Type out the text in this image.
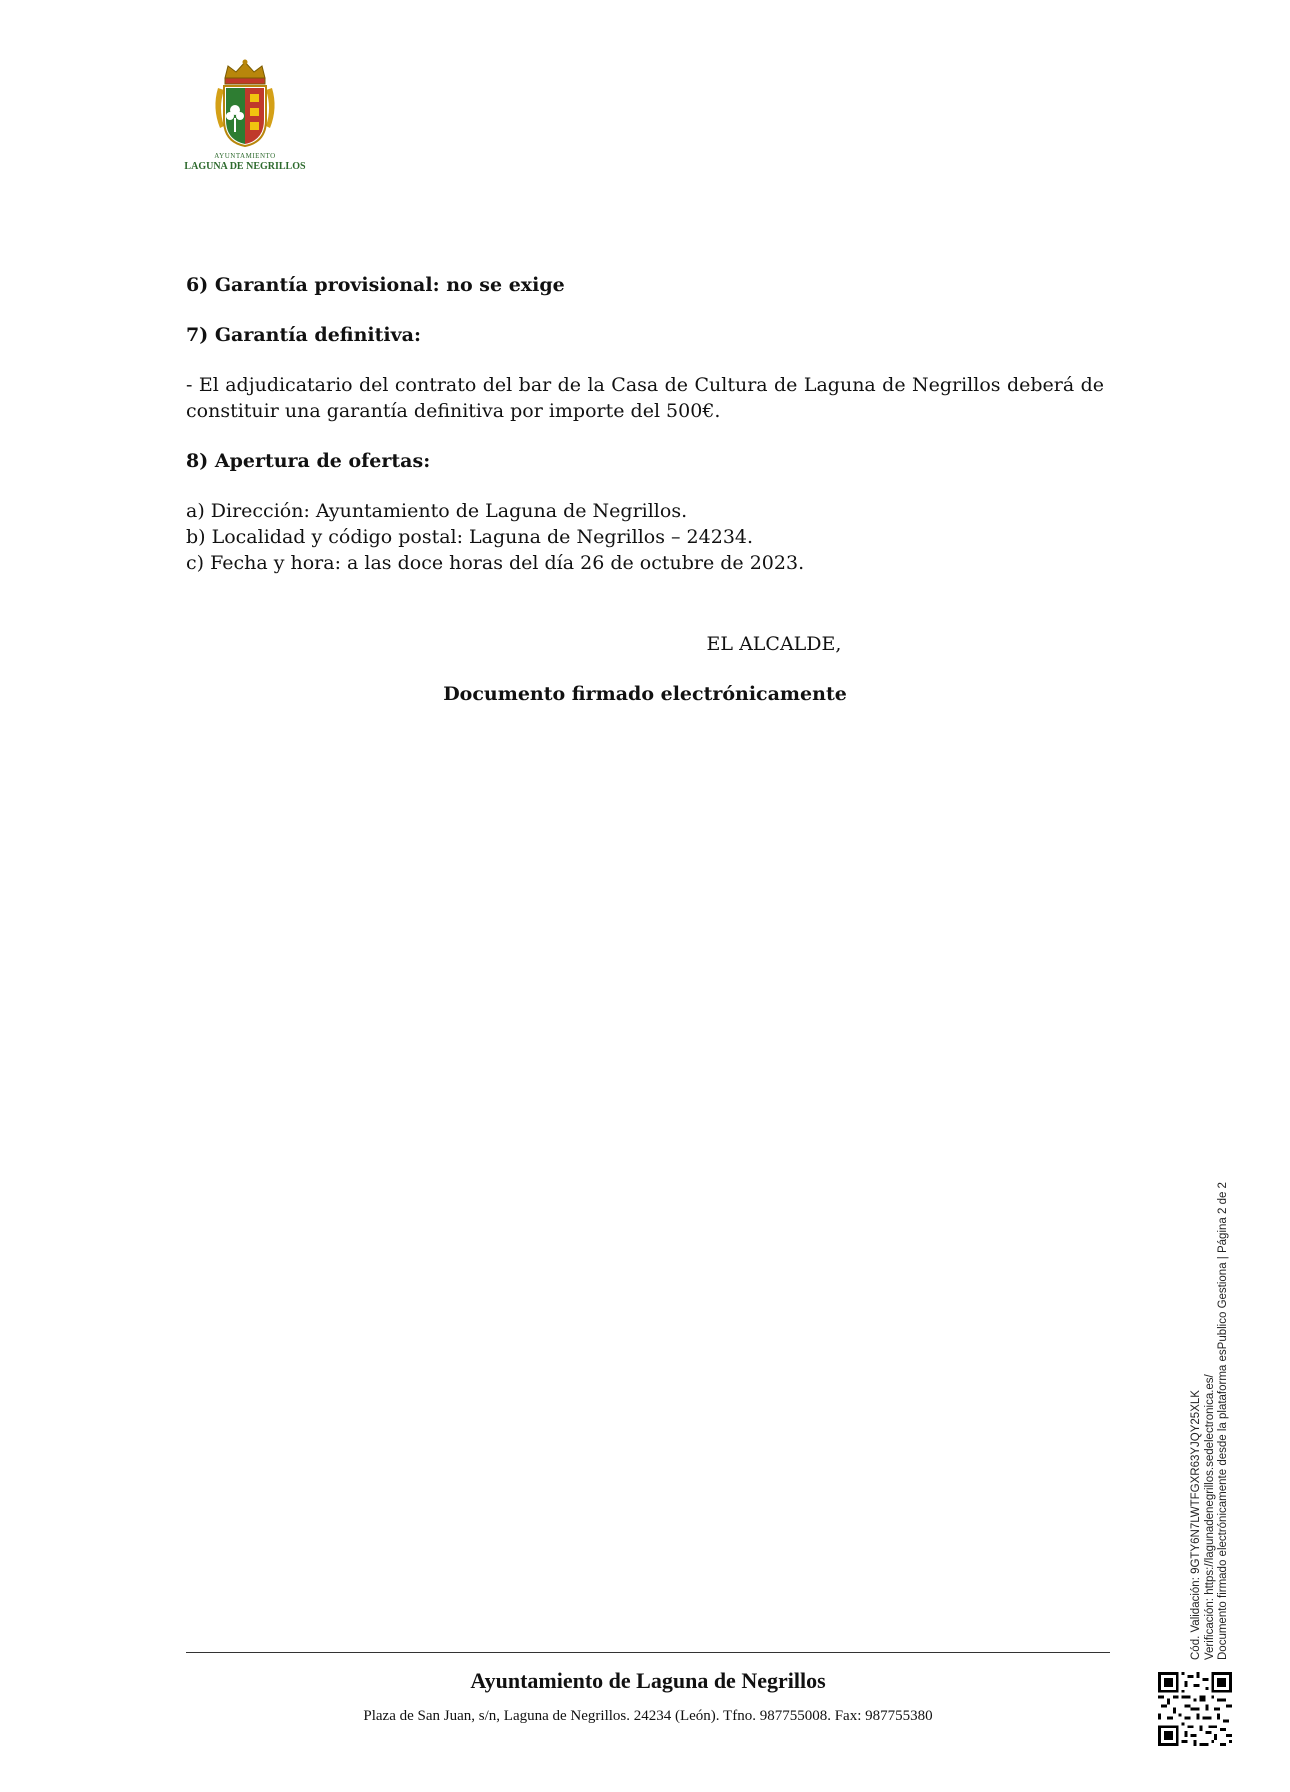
AYUNTAMIENTO
LAGUNA DE NEGRILLOS

6) Garantía provisional: no se exige

7) Garantía definitiva:

- El adjudicatario del contrato del bar de la Casa de Cultura de Laguna de Negrillos deberá de constituir una garantía definitiva por importe del 500€.

8) Apertura de ofertas:

a) Dirección: Ayuntamiento de Laguna de Negrillos.
b) Localidad y código postal: Laguna de Negrillos – 24234.
c) Fecha y hora: a las doce horas del día 26 de octubre de 2023.
EL ALCALDE,
Documento firmado electrónicamente
Ayuntamiento de Laguna de Negrillos
Plaza de San Juan, s/n, Laguna de Negrillos. 24234 (León). Tfno. 987755008. Fax: 987755380
Cód. Validación: 9GTY6N7LWTFGXR63YJQY25XLK Verificación: https://lagunadenegrillos.sedelectronica.es/ Documento firmado electrónicamente desde la plataforma esPublico Gestiona | Página 2 de 2
